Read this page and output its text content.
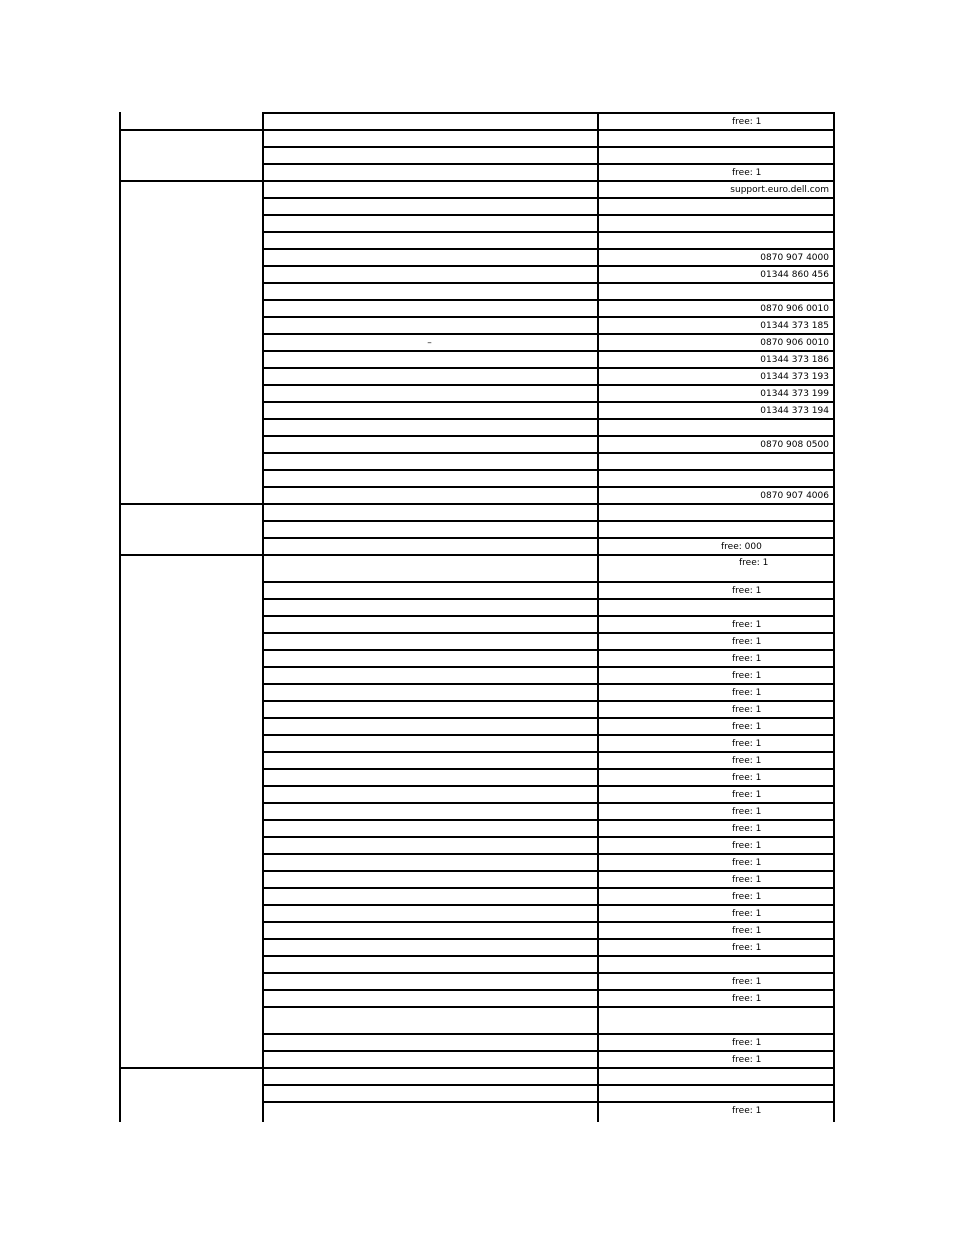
free: 1
free: 1
support.euro.dell.com
0870 907 4000
01344 860 456
0870 906 0010
01344 373 185
–	0870 906 0010
01344 373 186
01344 373 193
01344 373 199
01344 373 194
0870 908 0500
0870 907 4006
free: 000
free: 1
free: 1
free: 1
free: 1
free: 1
free: 1
free: 1
free: 1
free: 1
free: 1
free: 1
free: 1
free: 1
free: 1
free: 1
free: 1
free: 1
free: 1
free: 1
free: 1
free: 1
free: 1
free: 1
free: 1
free: 1
free: 1
free: 1
